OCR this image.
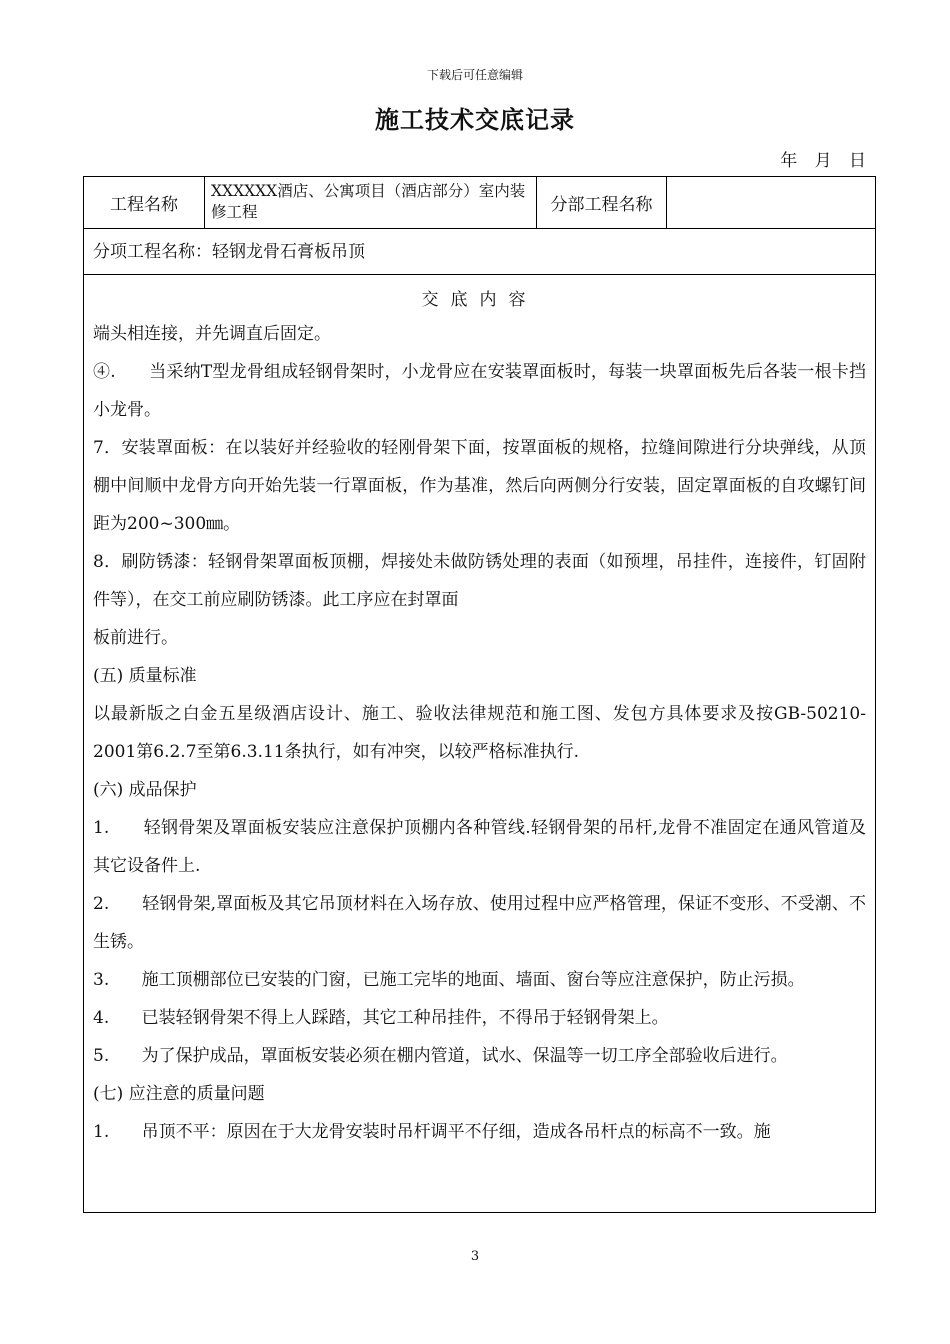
下载后可任意编辑
施工技术交底记录
年 月 日
工程名称
XXXXXX酒店、公寓项目（酒店部分）室内装修工程	分部工程名称
分项工程名称：轻钢龙骨石膏板吊顶
交底内容

端头相连接，并先调直后固定。

④.      当采纳T型龙骨组成轻钢骨架时，小龙骨应在安装罩面板时，每装一块罩面板先后各装一根卡挡小龙骨。

7．安装罩面板：在以装好并经验收的轻刚骨架下面，按罩面板的规格，拉缝间隙进行分块弹线，从顶棚中间顺中龙骨方向开始先装一行罩面板，作为基准，然后向两侧分行安装，固定罩面板的自攻螺钉间距为200~300㎜。

8．刷防锈漆：轻钢骨架罩面板顶棚，焊接处未做防锈处理的表面（如预埋，吊挂件，连接件，钉固附件等），在交工前应刷防锈漆。此工序应在封罩面

板前进行。

(五) 质量标准

以最新版之白金五星级酒店设计、施工、验收法律规范和施工图、发包方具体要求及按GB-50210-2001第6.2.7至第6.3.11条执行，如有冲突，以较严格标准执行.

(六) 成品保护

1.      轻钢骨架及罩面板安装应注意保护顶棚内各种管线.轻钢骨架的吊杆,龙骨不准固定在通风管道及其它设备件上.

2.      轻钢骨架,罩面板及其它吊顶材料在入场存放、使用过程中应严格管理，保证不变形、不受潮、不生锈。

3.      施工顶棚部位已安装的门窗，已施工完毕的地面、墙面、窗台等应注意保护，防止污损。

4.      已装轻钢骨架不得上人踩踏，其它工种吊挂件，不得吊于轻钢骨架上。

5.      为了保护成品，罩面板安装必须在棚内管道，试水、保温等一切工序全部验收后进行。

(七) 应注意的质量问题

1.      吊顶不平：原因在于大龙骨安装时吊杆调平不仔细，造成各吊杆点的标高不一致。施

3
